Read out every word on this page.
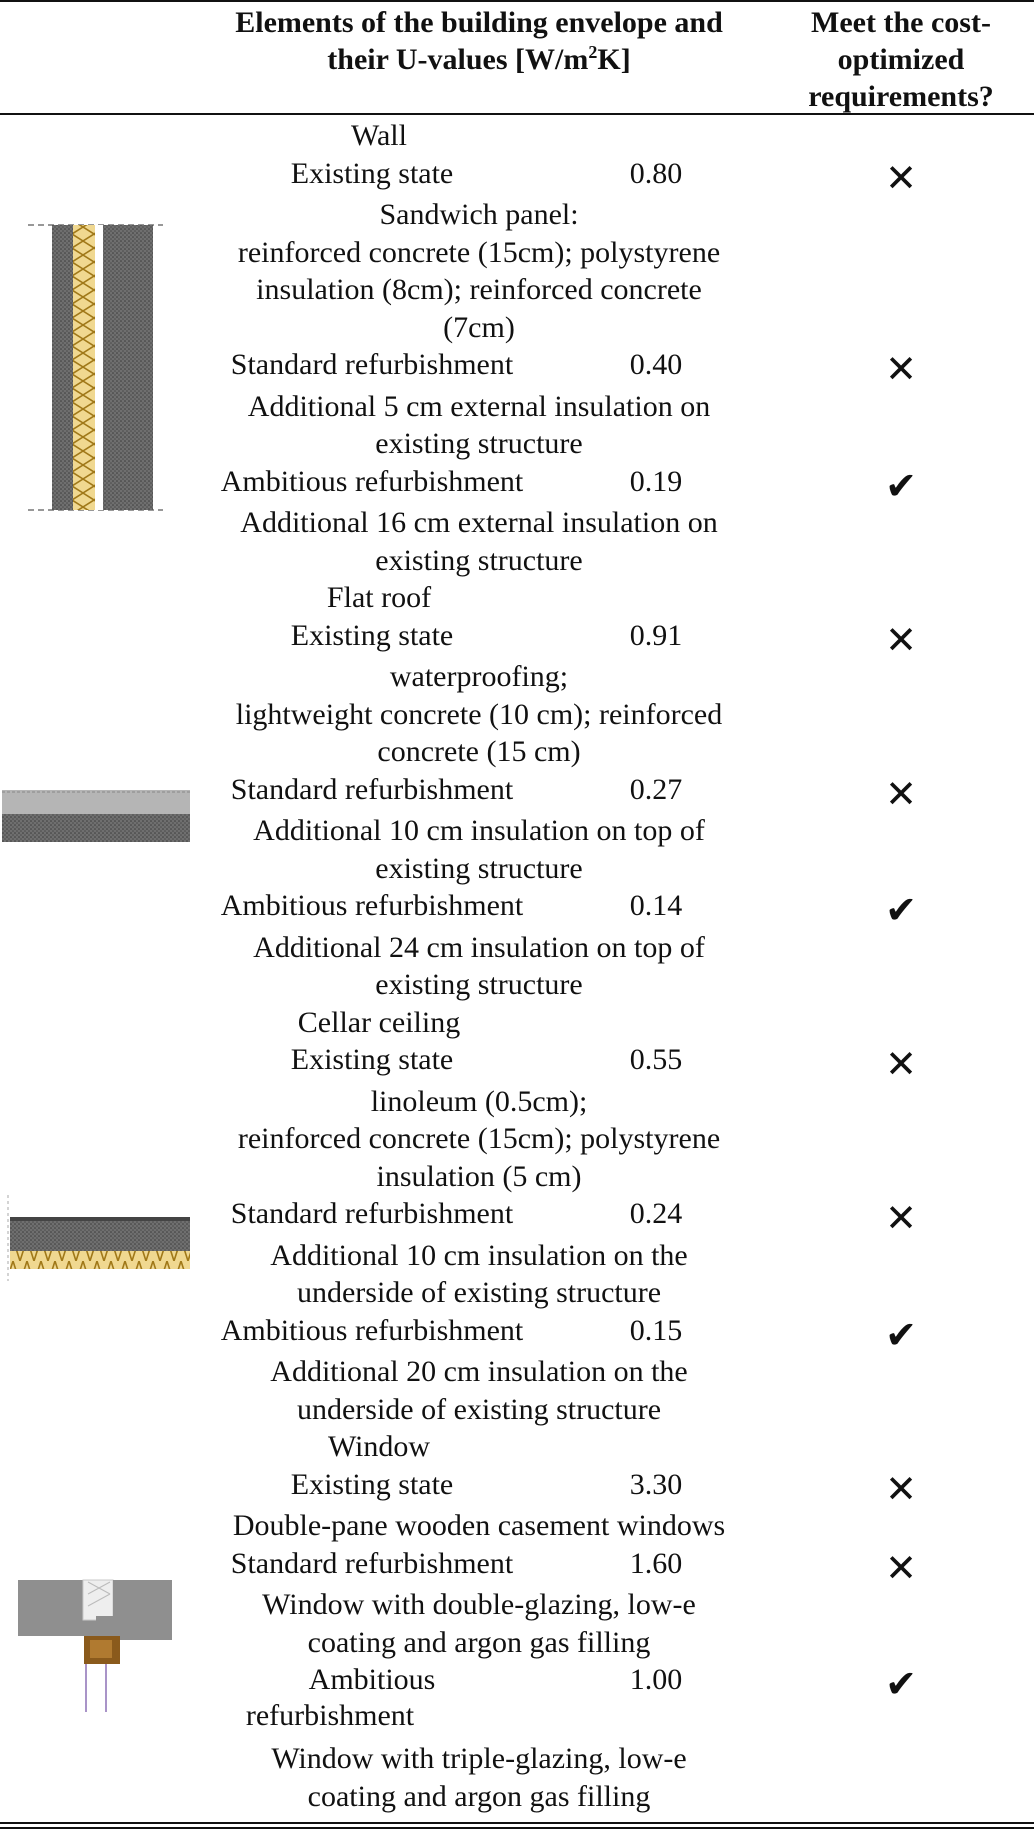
Elements of the building envelope and
their U-values $[W/m^2K]$
Meet the cost-
optimized
requirements?
Wall
Existing state	0.80	✕
Sandwich panel:
reinforced concrete (15cm); polystyrene
insulation (8cm); reinforced concrete
(7cm)
Standard refurbishment	0.40	✕
Additional 5 cm external insulation on
existing structure
Ambitious refurbishment	0.19	✔
Additional 16 cm external insulation on
existing structure
Flat roof
Existing state	0.91	✕
waterproofing;
lightweight concrete (10 cm); reinforced
concrete (15 cm)
Standard refurbishment	0.27	✕
Additional 10 cm insulation on top of
existing structure
Ambitious refurbishment	0.14	✔
Additional 24 cm insulation on top of
existing structure
Cellar ceiling
Existing state	0.55	✕
linoleum (0.5cm);
reinforced concrete (15cm); polystyrene
insulation (5 cm)
Standard refurbishment	0.24	✕
Additional 10 cm insulation on the
underside of existing structure
Ambitious refurbishment	0.15	✔
Additional 20 cm insulation on the
underside of existing structure
Window
Existing state	3.30	✕
Double-pane wooden casement windows
Standard refurbishment	1.60	✕
Window with double-glazing, low-e
coating and argon gas filling
Ambitious	1.00	✔
refurbishment
Window with triple-glazing, low-e
coating and argon gas filling
